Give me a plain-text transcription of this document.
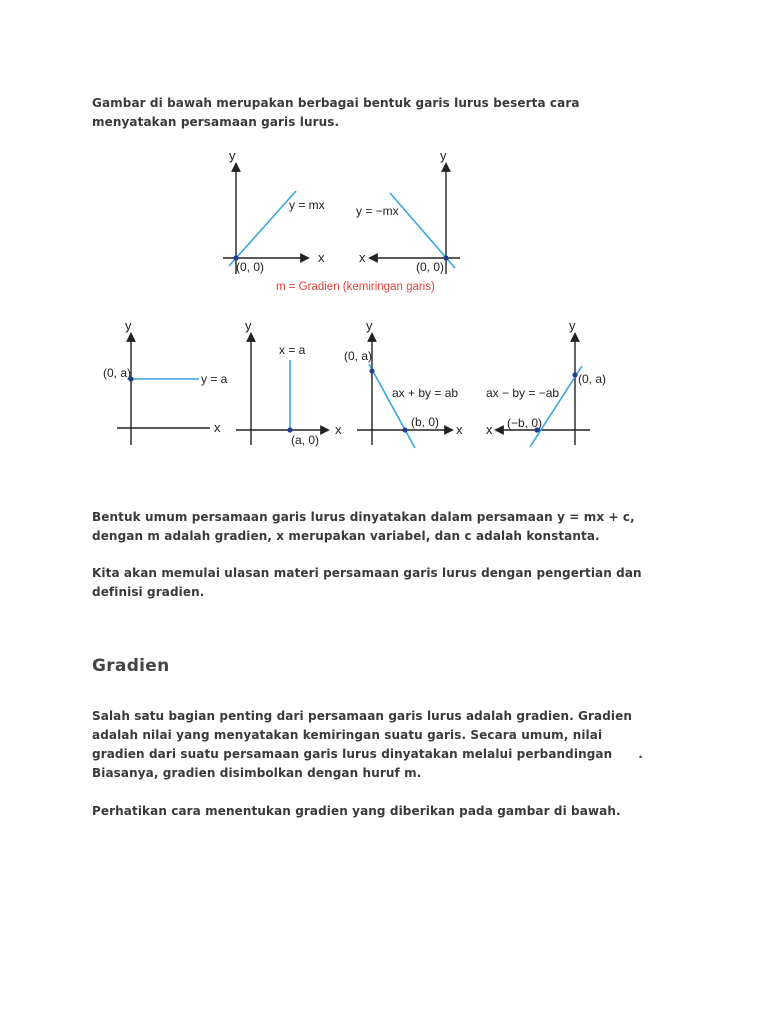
Gambar di bawah merupakan berbagai bentuk garis lurus beserta cara
menyatakan persamaan garis lurus.

y
x
y = mx
(0, 0)
y
x
y = −mx
(0, 0)
m = Gradien (kemiringan garis)
y
x
(0, a)	y = a
y
x
x = a
(a, 0)
y
x
(0, a)
ax + by = ab
(b, 0)
y
x
ax − by = −ab
(0, a)
(−b, 0)

Bentuk umum persamaan garis lurus dinyatakan dalam persamaan y = mx + c,
dengan m adalah gradien, x merupakan variabel, dan c adalah konstanta.

Kita akan memulai ulasan materi persamaan garis lurus dengan pengertian dan
definisi gradien.

Gradien

Salah satu bagian penting dari persamaan garis lurus adalah gradien. Gradien
adalah nilai yang menyatakan kemiringan suatu garis. Secara umum, nilai
gradien dari suatu persamaan garis lurus dinyatakan melalui perbandingan .
Biasanya, gradien disimbolkan dengan huruf m.

Perhatikan cara menentukan gradien yang diberikan pada gambar di bawah.
